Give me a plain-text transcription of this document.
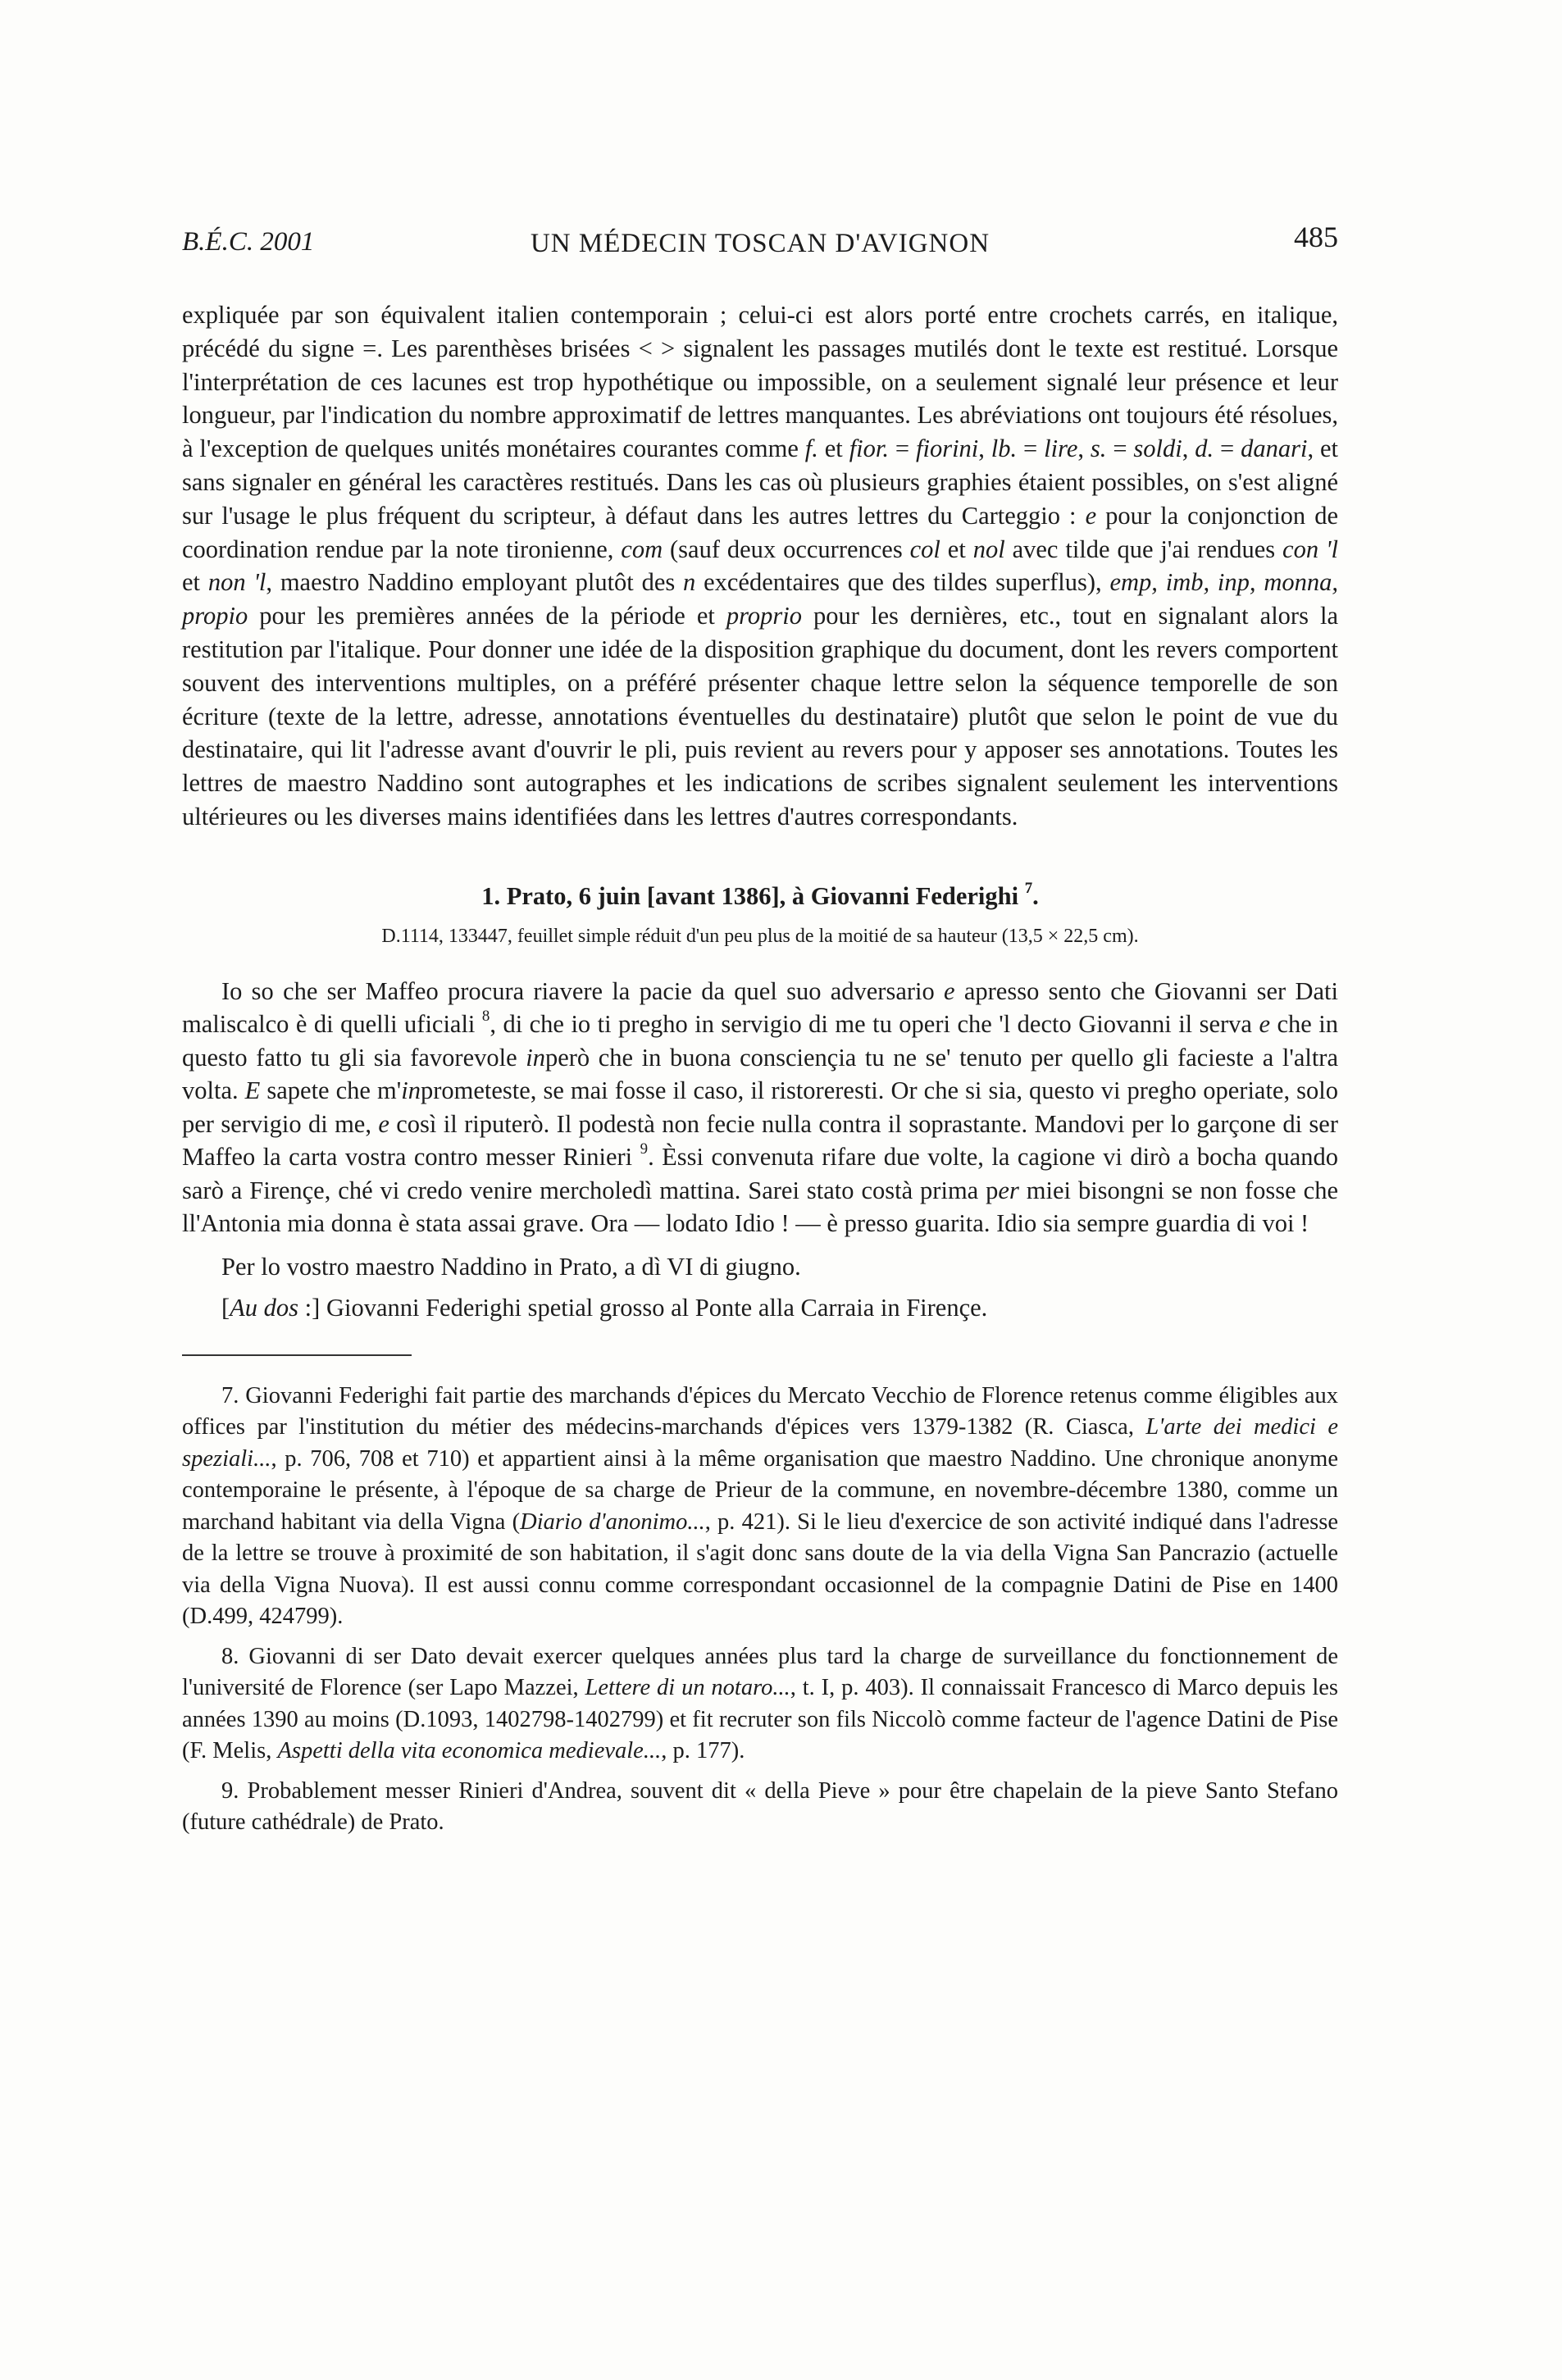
B.É.C. 2001	UN MÉDECIN TOSCAN D'AVIGNON	485

expliquée par son équivalent italien contemporain ; celui-ci est alors porté entre crochets carrés, en italique, précédé du signe =. Les parenthèses brisées < > signalent les passages mutilés dont le texte est restitué. Lorsque l'interprétation de ces lacunes est trop hypothétique ou impossible, on a seulement signalé leur présence et leur longueur, par l'indication du nombre approximatif de lettres manquantes. Les abréviations ont toujours été résolues, à l'exception de quelques unités monétaires courantes comme f. et fior. = fiorini, lb. = lire, s. = soldi, d. = danari, et sans signaler en général les caractères restitués. Dans les cas où plusieurs graphies étaient possibles, on s'est aligné sur l'usage le plus fréquent du scripteur, à défaut dans les autres lettres du Carteggio : e pour la conjonction de coordination rendue par la note tironienne, com (sauf deux occurrences col et nol avec tilde que j'ai rendues con 'l et non 'l, maestro Naddino employant plutôt des n excédentaires que des tildes superflus), emp, imb, inp, monna, propio pour les premières années de la période et proprio pour les dernières, etc., tout en signalant alors la restitution par l'italique. Pour donner une idée de la disposition graphique du document, dont les revers comportent souvent des interventions multiples, on a préféré présenter chaque lettre selon la séquence temporelle de son écriture (texte de la lettre, adresse, annotations éventuelles du destinataire) plutôt que selon le point de vue du destinataire, qui lit l'adresse avant d'ouvrir le pli, puis revient au revers pour y apposer ses annotations. Toutes les lettres de maestro Naddino sont autographes et les indications de scribes signalent seulement les interventions ultérieures ou les diverses mains identifiées dans les lettres d'autres correspondants.

1. Prato, 6 juin [avant 1386], à Giovanni Federighi $^7$.
D.1114, 133447, feuillet simple réduit d'un peu plus de la moitié de sa hauteur (13,5 × 22,5 cm).

Io so che ser Maffeo procura riavere la pacie da quel suo adversario e apresso sento che Giovanni ser Dati maliscalco è di quelli uficiali $^8$, di che io ti pregho in servigio di me tu operi che 'l decto Giovanni il serva e che in questo fatto tu gli sia favorevole inperò che in buona consciençia tu ne se' tenuto per quello gli facieste a l'altra volta. E sapete che m'inprometeste, se mai fosse il caso, il ristoreresti. Or che si sia, questo vi pregho operiate, solo per servigio di me, e così il riputerò. Il podestà non fecie nulla contra il soprastante. Mandovi per lo garçone di ser Maffeo la carta vostra contro messer Rinieri $^9$. Èssi convenuta rifare due volte, la cagione vi dirò a bocha quando sarò a Firençe, ché vi credo venire mercholedì mattina. Sarei stato costà prima per miei bisongni se non fosse che ll'Antonia mia donna è stata assai grave. Ora — lodato Idio ! — è presso guarita. Idio sia sempre guardia di voi !

Per lo vostro maestro Naddino in Prato, a dì VI di giugno.

[Au dos :] Giovanni Federighi spetial grosso al Ponte alla Carraia in Firençe.

7. Giovanni Federighi fait partie des marchands d'épices du Mercato Vecchio de Florence retenus comme éligibles aux offices par l'institution du métier des médecins-marchands d'épices vers 1379-1382 (R. Ciasca, L'arte dei medici e speziali..., p. 706, 708 et 710) et appartient ainsi à la même organisation que maestro Naddino. Une chronique anonyme contemporaine le présente, à l'époque de sa charge de Prieur de la commune, en novembre-décembre 1380, comme un marchand habitant via della Vigna (Diario d'anonimo..., p. 421). Si le lieu d'exercice de son activité indiqué dans l'adresse de la lettre se trouve à proximité de son habitation, il s'agit donc sans doute de la via della Vigna San Pancrazio (actuelle via della Vigna Nuova). Il est aussi connu comme correspondant occasionnel de la compagnie Datini de Pise en 1400 (D.499, 424799).

8. Giovanni di ser Dato devait exercer quelques années plus tard la charge de surveillance du fonctionnement de l'université de Florence (ser Lapo Mazzei, Lettere di un notaro..., t. I, p. 403). Il connaissait Francesco di Marco depuis les années 1390 au moins (D.1093, 1402798-1402799) et fit recruter son fils Niccolò comme facteur de l'agence Datini de Pise (F. Melis, Aspetti della vita economica medievale..., p. 177).

9. Probablement messer Rinieri d'Andrea, souvent dit « della Pieve » pour être chapelain de la pieve Santo Stefano (future cathédrale) de Prato.
